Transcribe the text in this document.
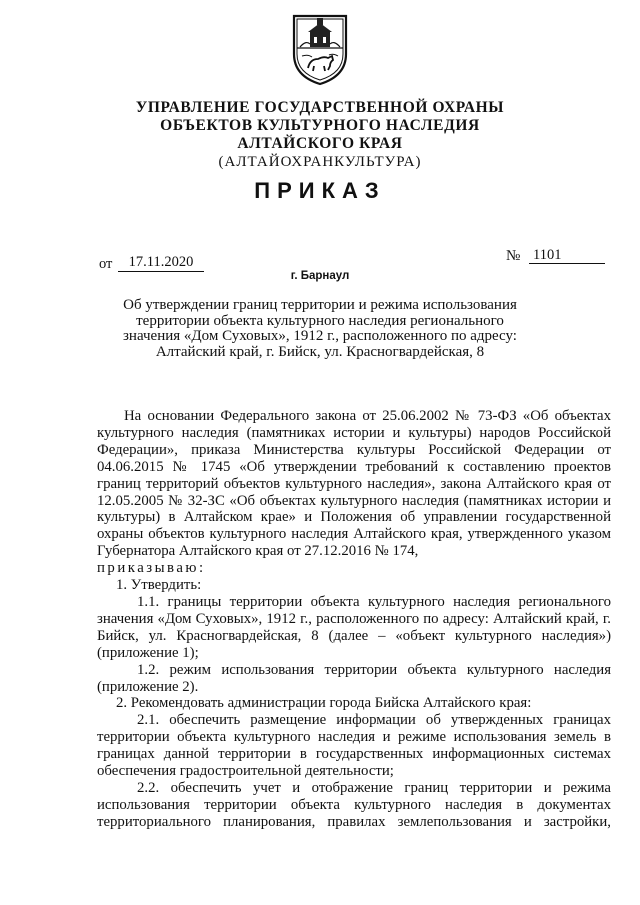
УПРАВЛЕНИЕ ГОСУДАРСТВЕННОЙ ОХРАНЫ
ОБЪЕКТОВ КУЛЬТУРНОГО НАСЛЕДИЯ
АЛТАЙСКОГО КРАЯ
(АЛТАЙОХРАНКУЛЬТУРА)
ПРИКАЗ
от	17.11.2020	№ 1101
г. Барнаул
Об утверждении границ территории и режима использования
территории объекта культурного наследия регионального
значения «Дом Суховых», 1912 г., расположенного по адресу:
Алтайский край, г. Бийск, ул. Красногвардейская, 8

На основании Федерального закона от 25.06.2002 № 73-ФЗ «Об объектах культурного наследия (памятниках истории и культуры) народов Российской Федерации», приказа Министерства культуры Российской Федерации от 04.06.2015 № 1745 «Об утверждении требований к составлению проектов границ территорий объектов культурного наследия», закона Алтайского края от 12.05.2005 № 32-ЗС «Об объектах культурного наследия (памятниках истории и культуры) в Алтайском крае» и Положения об управлении государственной охраны объектов культурного наследия Алтайского края, утвержденного указом Губернатора Алтайского края от 27.12.2016 № 174,

приказываю:

1. Утвердить:

1.1. границы территории объекта культурного наследия регионального значения «Дом Суховых», 1912 г., расположенного по адресу: Алтайский край, г. Бийск, ул. Красногвардейская, 8 (далее – «объект культурного наследия») (приложение 1);

1.2. режим использования территории объекта культурного наследия (приложение 2).

2. Рекомендовать администрации города Бийска Алтайского края:

2.1. обеспечить размещение информации об утвержденных границах территории объекта культурного наследия и режиме использования земель в границах данной территории в государственных информационных системах обеспечения градостроительной деятельности;

2.2. обеспечить учет и отображение границ территории и режима использования территории объекта культурного наследия в документах территориального планирования, правилах землепользования и застройки,
